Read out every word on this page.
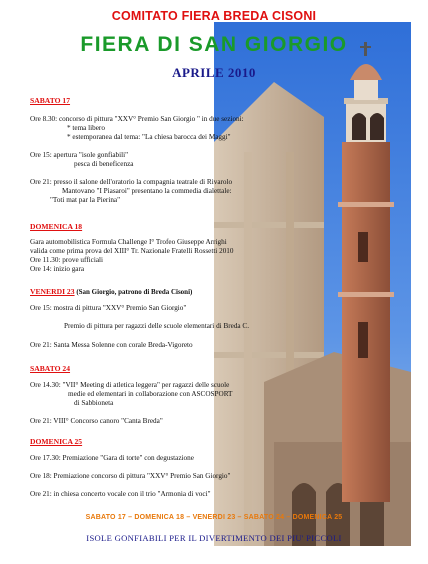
COMITATO FIERA BREDA CISONI
FIERA DI SAN GIORGIO
APRILE 2010
SABATO 17
Ore 8.30: concorso di pittura "XXV° Premio San Giorgio " in due sezioni:
* tema libero
* estemporanea dal tema: "La chiesa barocca dei Maggi"
Ore 15: apertura "isole gonfiabili"
pesca di beneficenza
Ore 21: presso il salone dell'oratorio la compagnia teatrale di Rivarolo
Mantovano "I Piasaroi" presentano la commedia dialettale:
"Toti mat par la Pierina"
DOMENICA 18
Gara automobilistica Formula Challenge I° Trofeo Giuseppe Arrighi
valida come prima prova del XIII° Tr. Nazionale Fratelli Rossetti 2010
Ore 11.30: prove ufficiali
Ore 14: inizio gara
VENERDI 23 (San Giorgio, patrono di Breda Cisoni)
Ore 15: mostra di pittura "XXV° Premio San Giorgio"
Premio di pittura per ragazzi delle scuole elementari di Breda C.
Ore 21: Santa Messa Solenne con corale Breda-Vigoreto
SABATO 24
Ore 14.30: "VII° Meeting di atletica leggera" per ragazzi delle scuole
medie ed elementari in collaborazione con ASCOSPORT
di Sabbioneta
Ore 21: VIII° Concorso canoro "Canta Breda"
DOMENICA 25
Ore 17.30: Premiazione "Gara di torte" con degustazione
Ore 18: Premiazione concorso di pittura "XXV° Premio San Giorgio"
Ore 21: in chiesa concerto vocale con il trio "Armonia di voci"
SABATO 17 – DOMENICA 18 – VENERDI 23 – SABATO 24 – DOMENICA 25
ISOLE GONFIABILI PER IL DIVERTIMENTO DEI PIU' PICCOLI
